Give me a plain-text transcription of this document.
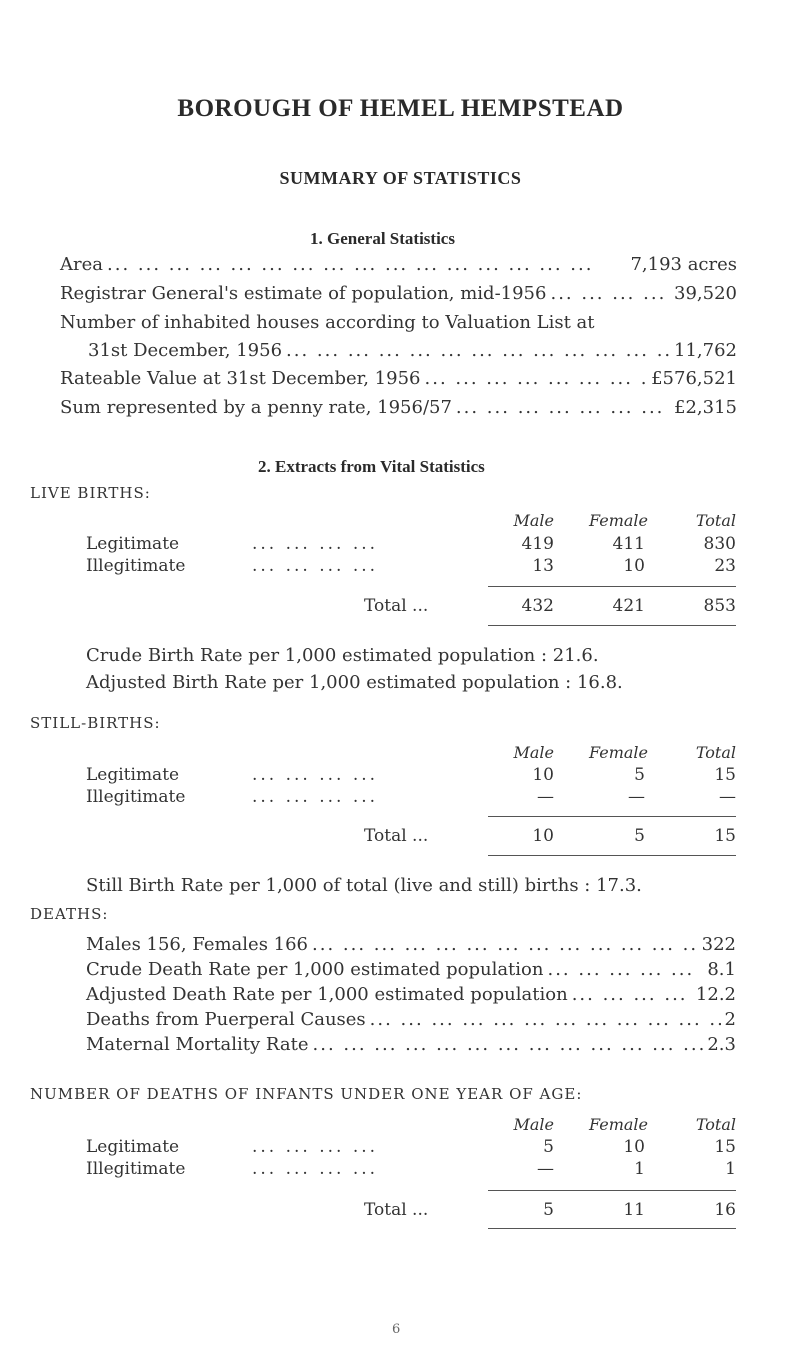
BOROUGH OF HEMEL HEMPSTEAD
SUMMARY OF STATISTICS
1. General Statistics
Area ... .	7,193 acres
Registrar General's estimate of population, mid-1956 ... .	39,520
Number of inhabited houses according to Valuation List at
31st December, 1956 ... .	11,762
Rateable Value at 31st December, 1956 ... .	£576,521
Sum represented by a penny rate, 1956/57 ... .	£2,315
2. Extracts from Vital Statistics
LIVE BIRTHS:
Male	Female	Total
Legitimate	... ... ... ...	419	411	830
Illegitimate	... ... ... ...	13	10	23
Total ...	432	421	853
Crude Birth Rate per 1,000 estimated population : 21.6.
Adjusted Birth Rate per 1,000 estimated population : 16.8.
STILL-BIRTHS:
Male	Female	Total
Legitimate	... ... ... ...	10	5	15
Illegitimate	... ... ... ...	—	—	—
Total ...	10	5	15
Still Birth Rate per 1,000 of total (live and still) births : 17.3.
DEATHS:
Males 156, Females 166 ... .	322
Crude Death Rate per 1,000 estimated population ... .	8.1
Adjusted Death Rate per 1,000 estimated population ... .	12.2
Deaths from Puerperal Causes ... .	2
Maternal Mortality Rate ... .	2.3
NUMBER OF DEATHS OF INFANTS UNDER ONE YEAR OF AGE:
Male	Female	Total
Legitimate	... ... ... ...	5	10	15
Illegitimate	... ... ... ...	—	1	1
Total ...	5	11	16
6
